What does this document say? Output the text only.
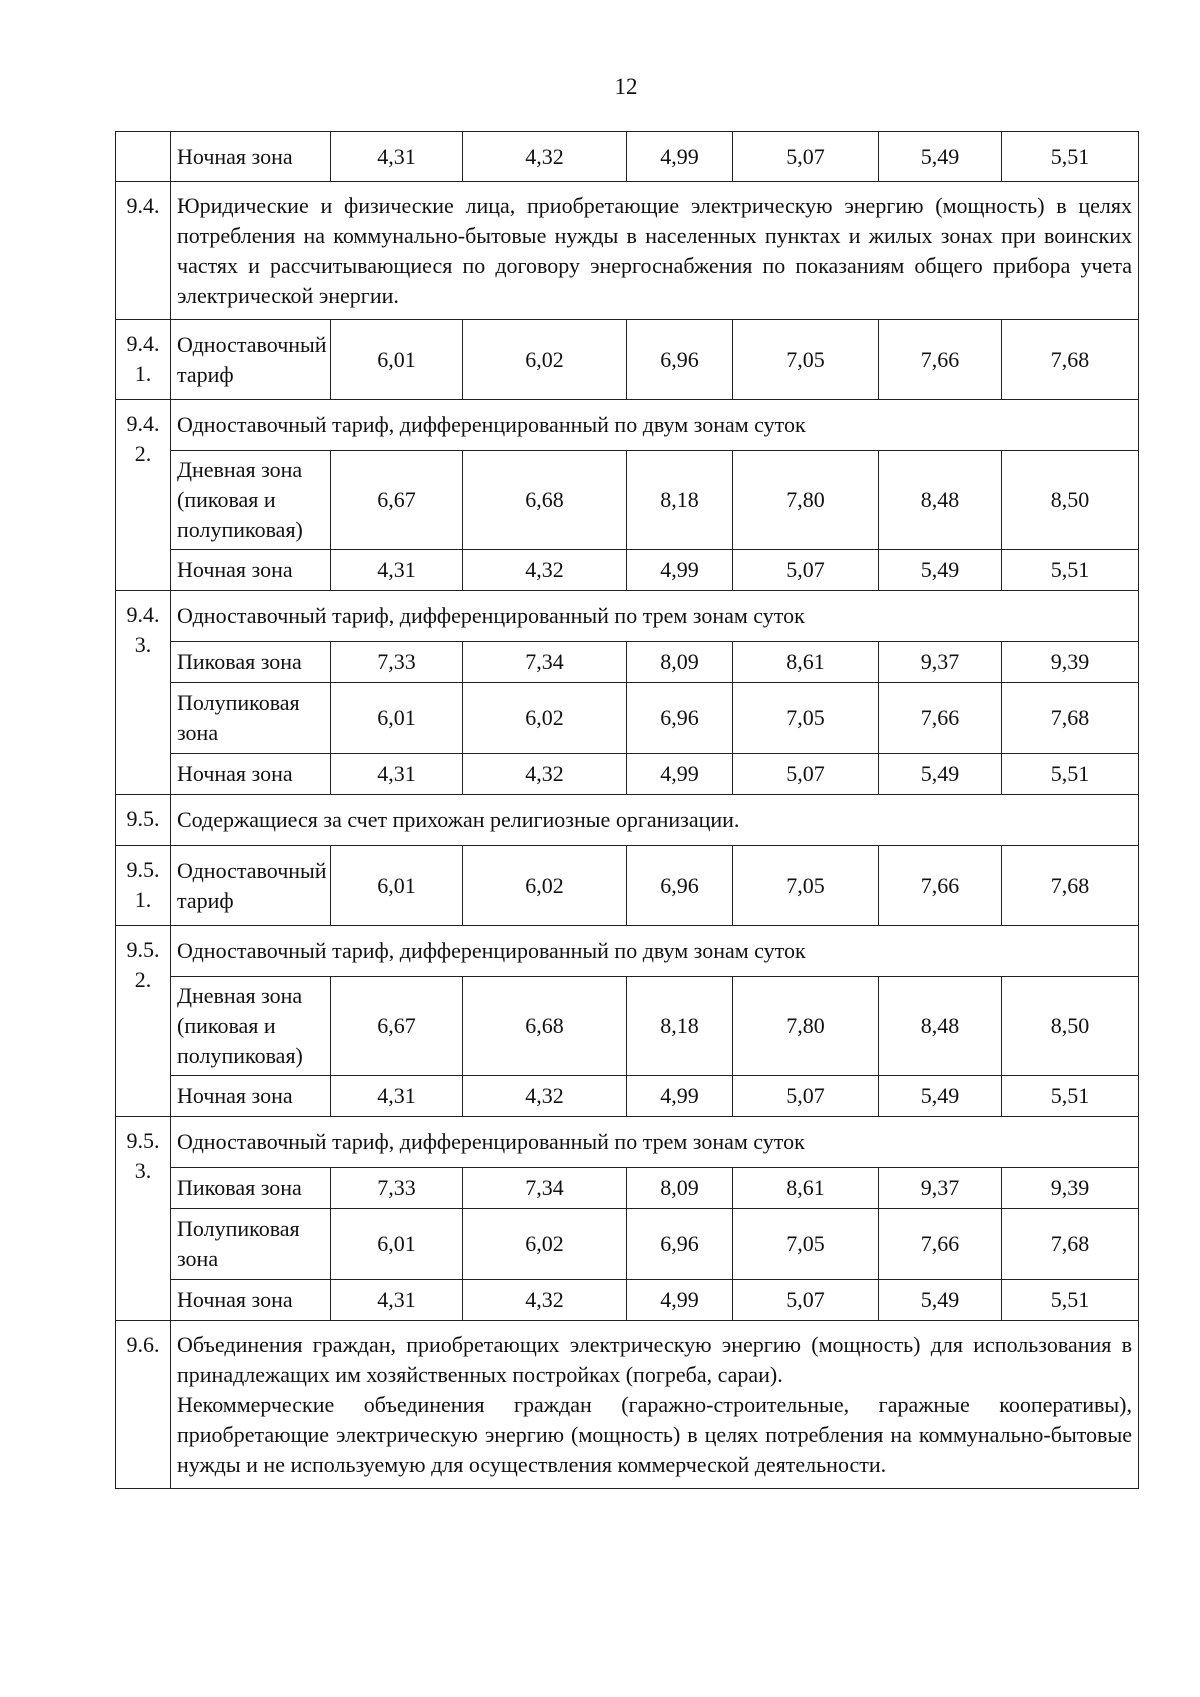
12
	Ночная зона	4,31	4,32	4,99	5,07	5,49	5,51
9.4.	Юридические и физические лица, приобретающие электрическую энергию (мощность) в целях потребления на коммунально-бытовые нужды в населенных пунктах и жилых зонах при воинских частях и рассчитывающиеся по договору энергоснабжения по показаниям общего прибора учета электрической энергии.						
9.4. 1.	Одноставочный тариф	6,01	6,02	6,96	7,05	7,66	7,68
9.4. 2.	Одноставочный тариф, дифференцированный по двум зонам суток						
	Дневная зона (пиковая и полупиковая)	6,67	6,68	8,18	7,80	8,48	8,50
	Ночная зона	4,31	4,32	4,99	5,07	5,49	5,51
9.4. 3.	Одноставочный тариф, дифференцированный по трем зонам суток						
	Пиковая зона	7,33	7,34	8,09	8,61	9,37	9,39
	Полупиковая зона	6,01	6,02	6,96	7,05	7,66	7,68
	Ночная зона	4,31	4,32	4,99	5,07	5,49	5,51
9.5.	Содержащиеся за счет прихожан религиозные организации.						
9.5. 1.	Одноставочный тариф	6,01	6,02	6,96	7,05	7,66	7,68
9.5. 2.	Одноставочный тариф, дифференцированный по двум зонам суток						
	Дневная зона (пиковая и полупиковая)	6,67	6,68	8,18	7,80	8,48	8,50
	Ночная зона	4,31	4,32	4,99	5,07	5,49	5,51
9.5. 3.	Одноставочный тариф, дифференцированный по трем зонам суток						
	Пиковая зона	7,33	7,34	8,09	8,61	9,37	9,39
	Полупиковая зона	6,01	6,02	6,96	7,05	7,66	7,68
	Ночная зона	4,31	4,32	4,99	5,07	5,49	5,51
9.6.	Объединения граждан, приобретающих электрическую энергию (мощность) для использования в принадлежащих им хозяйственных постройках (погреба, сараи).
Некоммерческие объединения граждан (гаражно-строительные, гаражные кооперативы), приобретающие электрическую энергию (мощность) в целях потребления на коммунально-бытовые нужды и не используемую для осуществления коммерческой деятельности.						
